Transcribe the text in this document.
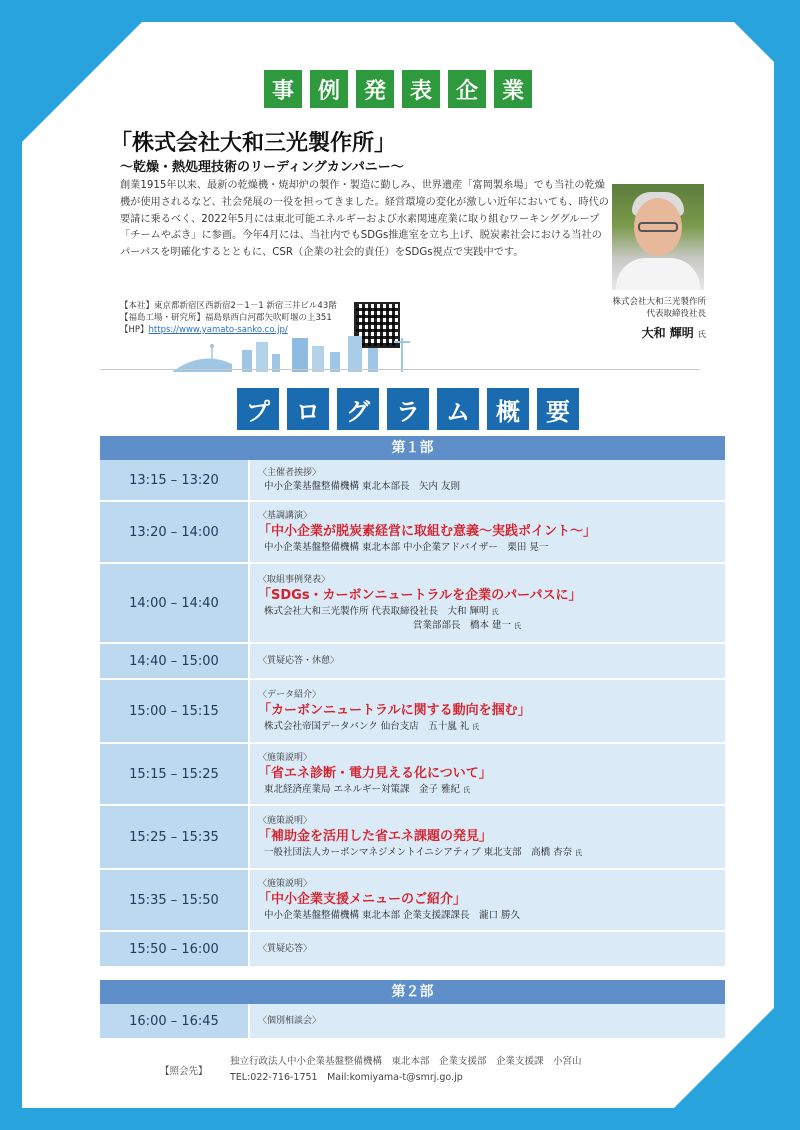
事	例	発	表	企	業
「株式会社大和三光製作所」
～乾燥・熱処理技術のリーディングカンパニー～
創業1915年以来、最新の乾燥機・焼却炉の製作・製造に勤しみ、世界遺産「富岡製糸場」でも当社の乾燥機が使用されるなど、社会発展の一役を担ってきました。経営環境の変化が激しい近年においても、時代の要請に乗るべく、2022年5月には東北可能エネルギーおよび水素関連産業に取り組むワーキンググループ「チームやぶき」に参画。今年4月には、当社内でもSDGs推進室を立ち上げ、脱炭素社会における当社のパーパスを明確化するとともに、CSR（企業の社会的責任）をSDGs視点で実践中です。
【本社】東京都新宿区西新宿2－1－1 新宿三井ビル43階
【福島工場・研究所】福島県西白河郡矢吹町堰の上351
【HP】https://www.yamato-sanko.co.jp/
株式会社大和三光製作所
代表取締役社長
大和 輝明 氏
プ	ロ	グ	ラ	ム	概	要
第１部
13:15 – 13:20	〈主催者挨拶〉
中小企業基盤整備機構 東北本部長　矢内 友則
13:20 – 14:00
〈基調講演〉
「中小企業が脱炭素経営に取組む意義～実践ポイント～」
中小企業基盤整備機構 東北本部 中小企業アドバイザー　栗田 晃一
14:00 – 14:40
〈取組事例発表〉
「SDGs・カーボンニュートラルを企業のパーパスに」
株式会社大和三光製作所 代表取締役社長　大和 輝明 氏
営業部部長　橋本 建一 氏
14:40 – 15:00	〈質疑応答・休憩〉
15:00 – 15:15
〈データ紹介〉
「カーボンニュートラルに関する動向を掴む」
株式会社帝国データバンク 仙台支店　五十嵐 礼 氏
15:15 – 15:25
〈施策説明〉
「省エネ診断・電力見える化について」
東北経済産業局 エネルギー対策課　金子 雅紀 氏
15:25 – 15:35
〈施策説明〉
「補助金を活用した省エネ課題の発見」
一般社団法人カーボンマネジメントイニシアティブ 東北支部　高橋 杏奈 氏
15:35 – 15:50
〈施策説明〉
「中小企業支援メニューのご紹介」
中小企業基盤整備機構 東北本部 企業支援課課長　瀧口 勝久
15:50 – 16:00	〈質疑応答〉
第２部
16:00 – 16:45	〈個別相談会〉
【照会先】
独立行政法人中小企業基盤整備機構　東北本部　企業支援部　企業支援課　小宮山
TEL:022-716-1751　Mail:komiyama-t@smrj.go.jp
